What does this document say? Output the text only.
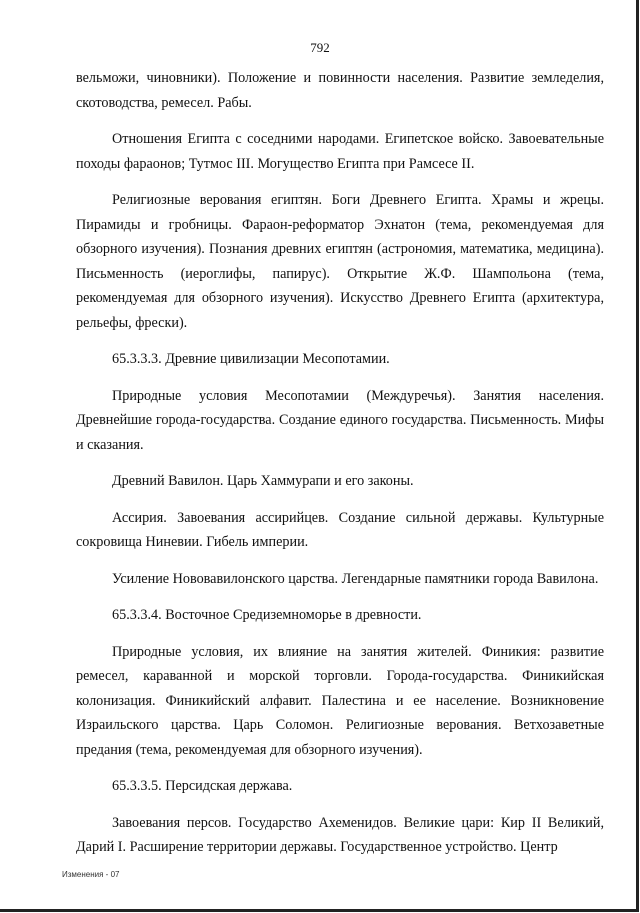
792

вельможи, чиновники). Положение и повинности населения. Развитие земледелия, скотоводства, ремесел. Рабы.

Отношения Египта с соседними народами. Египетское войско. Завоевательные походы фараонов; Тутмос III. Могущество Египта при Рамсесе II.

Религиозные верования египтян. Боги Древнего Египта. Храмы и жрецы. Пирамиды и гробницы. Фараон-реформатор Эхнатон (тема, рекомендуемая для обзорного изучения). Познания древних египтян (астрономия, математика, медицина). Письменность (иероглифы, папирус). Открытие Ж.Ф. Шампольона (тема, рекомендуемая для обзорного изучения). Искусство Древнего Египта (архитектура, рельефы, фрески).

65.3.3.3. Древние цивилизации Месопотамии.

Природные условия Месопотамии (Междуречья). Занятия населения. Древнейшие города-государства. Создание единого государства. Письменность. Мифы и сказания.

Древний Вавилон. Царь Хаммурапи и его законы.

Ассирия. Завоевания ассирийцев. Создание сильной державы. Культурные сокровища Ниневии. Гибель империи.

Усиление Нововавилонского царства. Легендарные памятники города Вавилона.

65.3.3.4. Восточное Средиземноморье в древности.

Природные условия, их влияние на занятия жителей. Финикия: развитие ремесел, караванной и морской торговли. Города-государства. Финикийская колонизация. Финикийский алфавит. Палестина и ее население. Возникновение Израильского царства. Царь Соломон. Религиозные верования. Ветхозаветные предания (тема, рекомендуемая для обзорного изучения).

65.3.3.5. Персидская держава.

Завоевания персов. Государство Ахеменидов. Великие цари: Кир II Великий, Дарий I. Расширение территории державы. Государственное устройство. Центр

Изменения - 07
